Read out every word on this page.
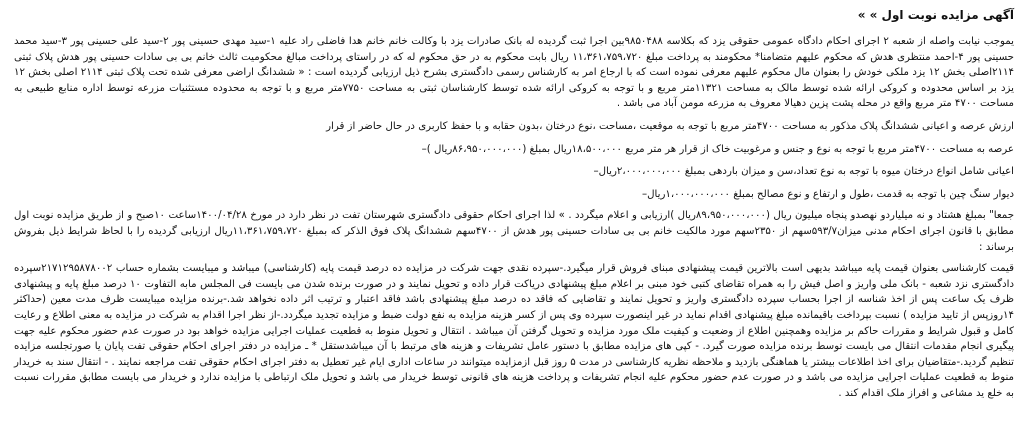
آگهی مزایده نوبت اول » »

یموجب نیابت واصله از شعبه ۲ اجرای احکام دادگاه عمومی حقوقی یزد که بکلاسه ۹۸۵۰۴۸۸بین اجرا ثبت گردیده له بانک صادرات یزد با وکالت خانم خانم هدا فاضلی راد علیه ۱-سید مهدی حسینی پور ۲-سید علی حسینی پور ۳-سید محمد حسینی پور ۴-احمد منتظری هدش که محکوم علیهم متضامنا* محکومند به پرداخت مبلغ ۱۱،۳۶۱،۷۵۹،۷۲۰ ریال بابت محکوم به در حق محکوم له که در راستای پرداخت مبالغ محکومیت ثالث خانم بی بی سادات حسینی پور هدش پلاک ثبتی ۲۱۱۴اصلی بخش ۱۲ یزد ملکی خودش را بعنوان مال محکوم علیهم معرفی نموده است که با ارجاع امر به کارشناس رسمی دادگستری بشرح ذیل ارزیابی گردیده است : « ششدانگ اراضی معرفی شده تحت پلاک ثبتی ۲۱۱۴ اصلی بخش ۱۲ یزد بر اساس محدوده و کروکی ارائه شده توسط مالک به مساحت ۱۱۳۲۱متر مربع و با توجه به کروکی ارائه شده توسط کارشناسان ثبتی به مساحت ۷۷۵۰متر مربع و با توجه به محدوده مستثنیات مزرعه توسط اداره منابع طبیعی به مساحت ۴۷۰۰ متر مربع واقع در محله پشت پزین دهیالا معروف به مزرعه مومن آباد می باشد .

ارزش عرصه و اعیانی ششدانگ پلاک مذکور به مساحت ۴۷۰۰متر مربع با توجه به موقعیت ،مساحت ،نوع درختان ،بدون حقابه و با حفظ کاربری در حال حاضر از قرار

عرصه به مساحت ۴۷۰۰متر مربع با توجه به نوع و جنس و مرغوبیت خاک از قرار هر متر مربع ۱۸،۵۰۰،۰۰۰ریال بمبلغ (۸۶،۹۵۰،۰۰۰،۰۰۰ریال )–

اعیانی شامل انواع درختان میوه با توجه به نوع تعداد،سن و میزان باردهی بمبلغ ۲،۰۰۰،۰۰۰،۰۰۰ریال–

دیوار سنگ چین با توجه به قدمت ،طول و ارتفاع و نوع مصالح بمبلغ ۱،۰۰۰،۰۰۰،۰۰۰ریال–

جمعا" بمبلغ هشتاد و نه میلیاردو نهصدو پنجاه میلیون ریال (۸۹،۹۵۰،۰۰۰،۰۰۰ریال )ارزیابی و اعلام میگردد . » لذا اجرای احکام حقوقی دادگستری شهرستان تفت در نظر دارد در مورخ ۱۴۰۰/۰۴/۲۸ساعت ۱۰صبح و از طریق مزایده نوبت اول مطابق با قانون اجرای احکام مدنی میزان۵۹۳/۷سهم از ۲۳۵۰سهم مورد مالکیت خانم بی بی سادات حسینی پور هدش از ۴۷۰۰سهم ششدانگ پلاک فوق الذکر که بمبلغ ۱۱،۳۶۱،۷۵۹،۷۲۰ریال ارزیابی گردیده را با لحاظ شرایط ذیل بفروش برساند :

قیمت کارشناسی بعنوان قیمت پایه میباشد بدیهی است بالاترین قیمت پیشنهادی مبنای فروش قرار میگیرد.-سپرده نقدی جهت شرکت در مزایده ده درصد قیمت پایه (کارشناسی) میباشد و میبایست بشماره حساب ۲۱۷۱۲۹۵۸۷۸۰۰۲سپرده دادگستری نزد شعبه - بانک ملی واریز و اصل فیش را به همراه تقاضای کتبی خود مبنی بر اعلام مبلغ پیشنهادی دریاکت قرار داده و تحویل نمایند و در صورت برنده شدن می بایست فی المجلس مابه التفاوت ۱۰ درصد مبلغ پایه و پیشنهادی ظرف یک ساعت پس از اخذ شناسه از اجرا بحساب سپرده دادگستری واریز و تحویل نمایند و تقاضایی که فاقد ده درصد مبلغ پیشنهادی باشد فاقد اعتبار و ترتیب اثر داده نخواهد شد.-برنده مزایده میبایست ظرف مدت معین (حداکثر ۱۴روزپس از تایید مزایده ) نسبت بپرداخت باقیمانده مبلغ پیشنهادی اقدام نماید در غیر اینصورت سپرده وی پس از کسر هزینه مزایده به نفع دولت ضبط و مزایده تجدید میگردد.-از نظر اجرا اقدام به شرکت در مزایده به معنی اطلاع و رعایت کامل و قبول شرایط و مقررات حاکم بر مزایده وهمچنین اطلاع از وضعیت و کیفیت ملک مورد مزایده و تحویل گرفتن آن میباشد . انتقال و تحویل منوط به قطعیت عملیات اجرایی مزایده خواهد بود در صورت عدم حضور محکوم علیه جهت پیگیری انجام مقدمات انتقال می بایست توسط برنده مزایده صورت گیرد. - کپی های مزایده مطابق با دستور عامل تشریفات و هزینه های مرتبط با آن میباشدستقل * ـ مزایده در دفتر اجرای احکام حقوقی تفت پایان یا صورتجلسه مزایده تنظیم گردید.-متقاضیان برای اخذ اطلاعات بیشتر یا هماهنگی بازدید و ملاحظه نظریه کارشناسی در مدت ۵ روز قبل ازمزایده میتوانند در ساعات اداری ایام غیر تعطیل به دفتر اجرای احکام حقوقی تفت مراجعه نمایند . - انتقال سند به خریدار منوط به قطعیت عملیات اجرایی مزایده می باشد و در صورت عدم حضور محکوم علیه انجام تشریفات و پرداخت هزینه های قانونی توسط خریدار می باشد و تحویل ملک ارتباطی با مزایده ندارد و خریدار می بایست مطابق مقررات نسبت به خلع ید مشاعی و افراز ملک اقدام کند .
